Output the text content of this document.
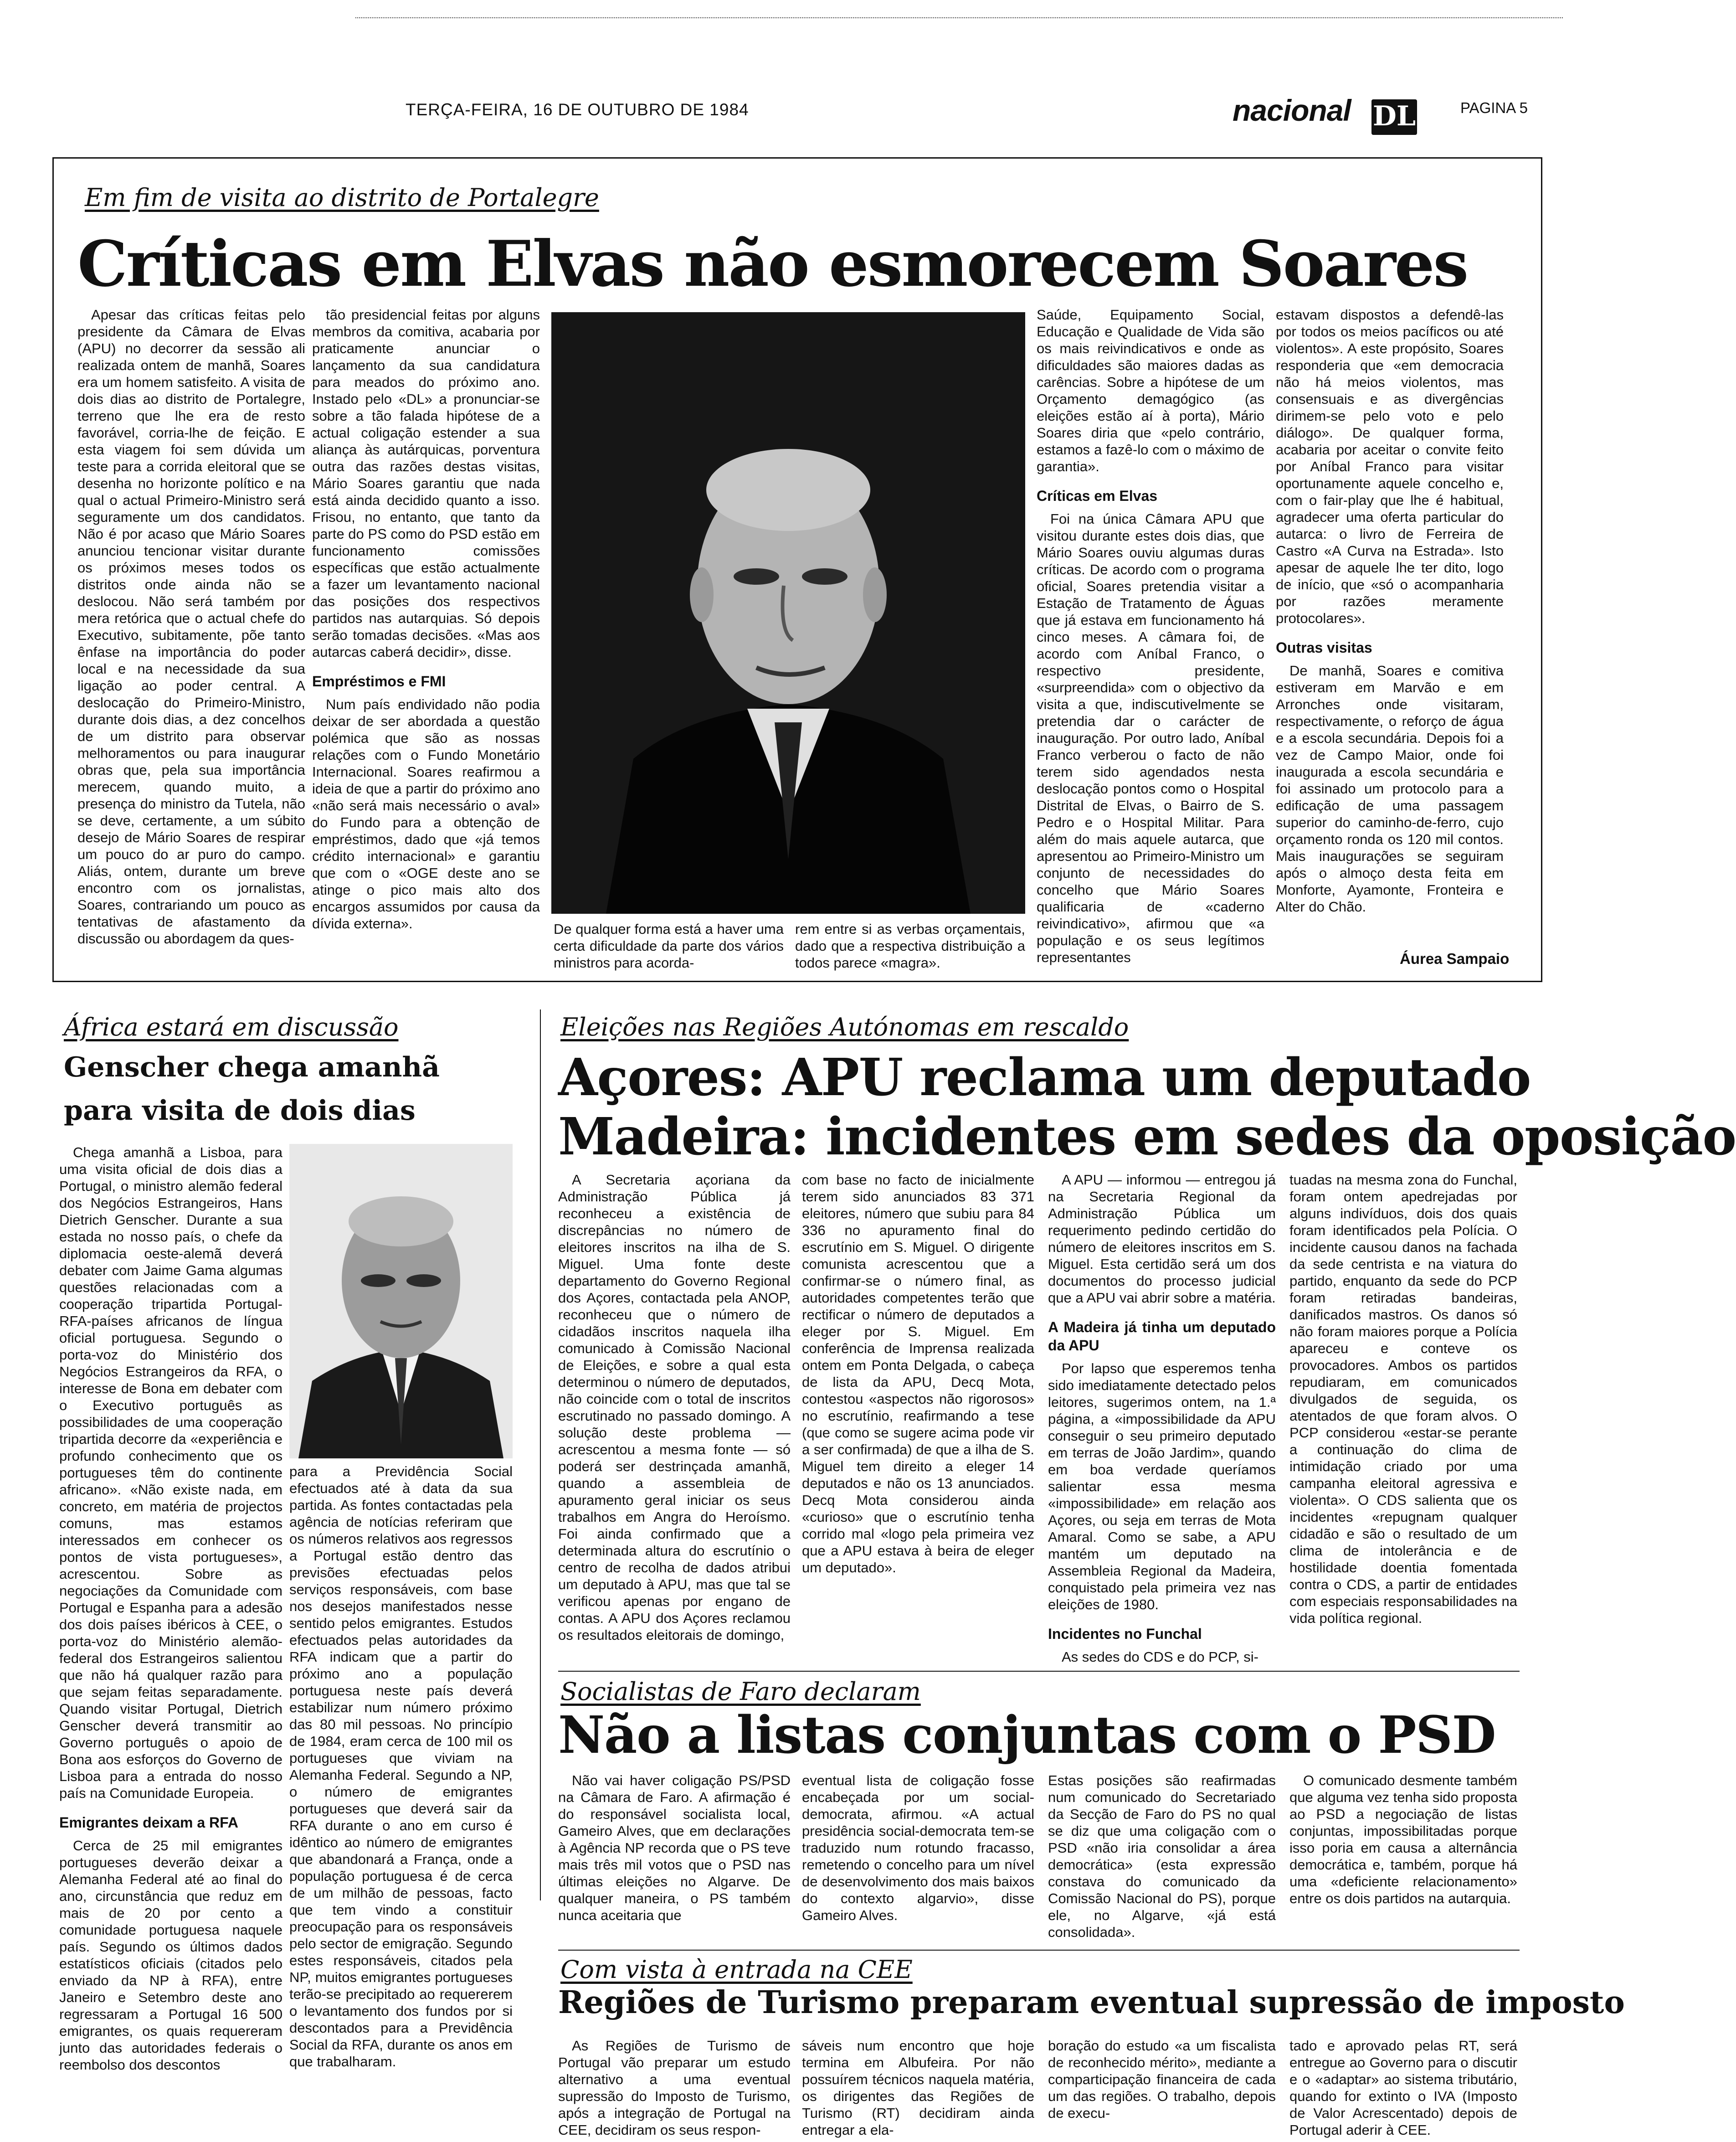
TERÇA-FEIRA, 16 DE OUTUBRO DE 1984	nacional DL	PAGINA 5
Em fim de visita ao distrito de Portalegre
Críticas em Elvas não esmorecem Soares
Apesar das críticas feitas pelo presidente da Câmara de Elvas (APU) no decorrer da sessão ali realizada ontem de manhã, Soares era um homem satisfeito. A visita de dois dias ao distrito de Portalegre, terreno que lhe era de resto favorável, corria-lhe de feição. E esta viagem foi sem dúvida um teste para a corrida eleitoral que se desenha no horizonte político e na qual o actual Primeiro-Ministro será seguramente um dos candidatos. Não é por acaso que Mário Soares anunciou tencionar visitar durante os próximos meses todos os distritos onde ainda não se deslocou. Não será também por mera retórica que o actual chefe do Executivo, subitamente, põe tanto ênfase na importância do poder local e na necessidade da sua ligação ao poder central. A deslocação do Primeiro-Ministro, durante dois dias, a dez concelhos de um distrito para observar melhoramentos ou para inaugurar obras que, pela sua importância merecem, quando muito, a presença do ministro da Tutela, não se deve, certamente, a um súbito desejo de Mário Soares de respirar um pouco do ar puro do campo. Aliás, ontem, durante um breve encontro com os jornalistas, Soares, contrariando um pouco as tentativas de afastamento da discussão ou abordagem da ques-
tão presidencial feitas por alguns membros da comitiva, acabaria por praticamente anunciar o lançamento da sua candidatura para meados do próximo ano. Instado pelo «DL» a pronunciar-se sobre a tão falada hipótese de a actual coligação estender a sua aliança às autárquicas, porventura outra das razões destas visitas, Mário Soares garantiu que nada está ainda decidido quanto a isso. Frisou, no entanto, que tanto da parte do PS como do PSD estão em funcionamento comissões específicas que estão actualmente a fazer um levantamento nacional das posições dos respectivos partidos nas autarquias. Só depois serão tomadas decisões. «Mas aos autarcas caberá decidir», disse.
Empréstimos e FMI
Num país endividado não podia deixar de ser abordada a questão polémica que são as nossas relações com o Fundo Monetário Internacional. Soares reafirmou a ideia de que a partir do próximo ano «não será mais necessário o aval» do Fundo para a obtenção de empréstimos, dado que «já temos crédito internacional» e garantiu que com o «OGE deste ano se atinge o pico mais alto dos encargos assumidos por causa da dívida externa».	De qualquer forma está a haver uma certa dificuldade da parte dos vários ministros para acorda-
rem entre si as verbas orçamentais, dado que a respectiva distribuição a todos parece «magra».
Saúde, Equipamento Social, Educação e Qualidade de Vida são os mais reivindicativos e onde as dificuldades são maiores dadas as carências. Sobre a hipótese de um Orçamento demagógico (as eleições estão aí à porta), Mário Soares diria que «pelo contrário, estamos a fazê-lo com o máximo de garantia».
Críticas em Elvas
Foi na única Câmara APU que visitou durante estes dois dias, que Mário Soares ouviu algumas duras críticas. De acordo com o programa oficial, Soares pretendia visitar a Estação de Tratamento de Águas que já estava em funcionamento há cinco meses. A câmara foi, de acordo com Aníbal Franco, o respectivo presidente, «surpreendida» com o objectivo da visita a que, indiscutivelmente se pretendia dar o carácter de inauguração. Por outro lado, Aníbal Franco verberou o facto de não terem sido agendados nesta deslocação pontos como o Hospital Distrital de Elvas, o Bairro de S. Pedro e o Hospital Militar. Para além do mais aquele autarca, que apresentou ao Primeiro-Ministro um conjunto de necessidades do concelho que Mário Soares qualificaria de «caderno reivindicativo», afirmou que «a população e os seus legítimos representantes
estavam dispostos a defendê-las por todos os meios pacíficos ou até violentos». A este propósito, Soares responderia que «em democracia não há meios violentos, mas consensuais e as divergências dirimem-se pelo voto e pelo diálogo». De qualquer forma, acabaria por aceitar o convite feito por Aníbal Franco para visitar oportunamente aquele concelho e, com o fair-play que lhe é habitual, agradecer uma oferta particular do autarca: o livro de Ferreira de Castro «A Curva na Estrada». Isto apesar de aquele lhe ter dito, logo de início, que «só o acompanharia por razões meramente protocolares».
Outras visitas
De manhã, Soares e comitiva estiveram em Marvão e em Arronches onde visitaram, respectivamente, o reforço de água e a escola secundária. Depois foi a vez de Campo Maior, onde foi inaugurada a escola secundária e foi assinado um protocolo para a edificação de uma passagem superior do caminho-de-ferro, cujo orçamento ronda os 120 mil contos. Mais inaugurações se seguiram após o almoço desta feita em Monforte, Ayamonte, Fronteira e Alter do Chão.
Áurea Sampaio
África estará em discussão
Genscher chega amanhã
para visita de dois dias
Chega amanhã a Lisboa, para uma visita oficial de dois dias a Portugal, o ministro alemão federal dos Negócios Estrangeiros, Hans Dietrich Genscher. Durante a sua estada no nosso país, o chefe da diplomacia oeste-alemã deverá debater com Jaime Gama algumas questões relacionadas com a cooperação tripartida Portugal-RFA-países africanos de língua oficial portuguesa. Segundo o porta-voz do Ministério dos Negócios Estrangeiros da RFA, o interesse de Bona em debater com o Executivo português as possibilidades de uma cooperação tripartida decorre da «experiência e profundo conhecimento que os portugueses têm do continente africano». «Não existe nada, em concreto, em matéria de projectos comuns, mas estamos interessados em conhecer os pontos de vista portugueses», acrescentou. Sobre as negociações da Comunidade com Portugal e Espanha para a adesão dos dois países ibéricos à CEE, o porta-voz do Ministério alemão-federal dos Estrangeiros salientou que não há qualquer razão para que sejam feitas separadamente. Quando visitar Portugal, Dietrich Genscher deverá transmitir ao Governo português o apoio de Bona aos esforços do Governo de Lisboa para a entrada do nosso país na Comunidade Europeia.
Emigrantes deixam a RFA
Cerca de 25 mil emigrantes portugueses deverão deixar a Alemanha Federal até ao final do ano, circunstância que reduz em mais de 20 por cento a comunidade portuguesa naquele país. Segundo os últimos dados estatísticos oficiais (citados pelo enviado da NP à RFA), entre Janeiro e Setembro deste ano regressaram a Portugal 16 500 emigrantes, os quais requereram junto das autoridades federais o reembolso dos descontos
para a Previdência Social efectuados até à data da sua partida. As fontes contactadas pela agência de notícias referiram que os números relativos aos regressos a Portugal estão dentro das previsões efectuadas pelos serviços responsáveis, com base nos desejos manifestados nesse sentido pelos emigrantes. Estudos efectuados pelas autoridades da RFA indicam que a partir do próximo ano a população portuguesa neste país deverá estabilizar num número próximo das 80 mil pessoas. No princípio de 1984, eram cerca de 100 mil os portugueses que viviam na Alemanha Federal. Segundo a NP, o número de emigrantes portugueses que deverá sair da RFA durante o ano em curso é idêntico ao número de emigrantes que abandonará a França, onde a população portuguesa é de cerca de um milhão de pessoas, facto que tem vindo a constituir preocupação para os responsáveis pelo sector de emigração. Segundo estes responsáveis, citados pela NP, muitos emigrantes portugueses terão-se precipitado ao requererem o levantamento dos fundos por si descontados para a Previdência Social da RFA, durante os anos em que trabalharam.
Eleições nas Regiões Autónomas em rescaldo
Açores: APU reclama um deputado
Madeira: incidentes em sedes da oposição
A Secretaria açoriana da Administração Pública já reconheceu a existência de discrepâncias no número de eleitores inscritos na ilha de S. Miguel. Uma fonte deste departamento do Governo Regional dos Açores, contactada pela ANOP, reconheceu que o número de cidadãos inscritos naquela ilha comunicado à Comissão Nacional de Eleições, e sobre a qual esta determinou o número de deputados, não coincide com o total de inscritos escrutinado no passado domingo. A solução deste problema — acrescentou a mesma fonte — só poderá ser destrinçada amanhã, quando a assembleia de apuramento geral iniciar os seus trabalhos em Angra do Heroísmo. Foi ainda confirmado que a determinada altura do escrutínio o centro de recolha de dados atribui um deputado à APU, mas que tal se verificou apenas por engano de contas. A APU dos Açores reclamou os resultados eleitorais de domingo,
com base no facto de inicialmente terem sido anunciados 83 371 eleitores, número que subiu para 84 336 no apuramento final do escrutínio em S. Miguel. O dirigente comunista acrescentou que a confirmar-se o número final, as autoridades competentes terão que rectificar o número de deputados a eleger por S. Miguel. Em conferência de Imprensa realizada ontem em Ponta Delgada, o cabeça de lista da APU, Decq Mota, contestou «aspectos não rigorosos» no escrutínio, reafirmando a tese (que como se sugere acima pode vir a ser confirmada) de que a ilha de S. Miguel tem direito a eleger 14 deputados e não os 13 anunciados. Decq Mota considerou ainda «curioso» que o escrutínio tenha corrido mal «logo pela primeira vez que a APU estava à beira de eleger um deputado».
A APU — informou — entregou já na Secretaria Regional da Administração Pública um requerimento pedindo certidão do número de eleitores inscritos em S. Miguel. Esta certidão será um dos documentos do processo judicial que a APU vai abrir sobre a matéria.
A Madeira já tinha um deputado da APU
Por lapso que esperemos tenha sido imediatamente detectado pelos leitores, sugerimos ontem, na 1.ª página, a «impossibilidade da APU conseguir o seu primeiro deputado em terras de João Jardim», quando em boa verdade queríamos salientar essa mesma «impossibilidade» em relação aos Açores, ou seja em terras de Mota Amaral. Como se sabe, a APU mantém um deputado na Assembleia Regional da Madeira, conquistado pela primeira vez nas eleições de 1980.
Incidentes no Funchal
As sedes do CDS e do PCP, si-
tuadas na mesma zona do Funchal, foram ontem apedrejadas por alguns indivíduos, dois dos quais foram identificados pela Polícia. O incidente causou danos na fachada da sede centrista e na viatura do partido, enquanto da sede do PCP foram retiradas bandeiras, danificados mastros. Os danos só não foram maiores porque a Polícia apareceu e conteve os provocadores. Ambos os partidos repudiaram, em comunicados divulgados de seguida, os atentados de que foram alvos. O PCP considerou «estar-se perante a continuação do clima de intimidação criado por uma campanha eleitoral agressiva e violenta». O CDS salienta que os incidentes «repugnam qualquer cidadão e são o resultado de um clima de intolerância e de hostilidade doentia fomentada contra o CDS, a partir de entidades com especiais responsabilidades na vida política regional.
Socialistas de Faro declaram
Não a listas conjuntas com o PSD
Não vai haver coligação PS/PSD na Câmara de Faro. A afirmação é do responsável socialista local, Gameiro Alves, que em declarações à Agência NP recorda que o PS teve mais três mil votos que o PSD nas últimas eleições no Algarve. De qualquer maneira, o PS também nunca aceitaria que
eventual lista de coligação fosse encabeçada por um social-democrata, afirmou. «A actual presidência social-democrata tem-se traduzido num rotundo fracasso, remetendo o concelho para um nível de desenvolvimento dos mais baixos do contexto algarvio», disse Gameiro Alves.
Estas posições são reafirmadas num comunicado do Secretariado da Secção de Faro do PS no qual se diz que uma coligação com o PSD «não iria consolidar a área democrática» (esta expressão constava do comunicado da Comissão Nacional do PS), porque ele, no Algarve, «já está consolidada».
O comunicado desmente também que alguma vez tenha sido proposta ao PSD a negociação de listas conjuntas, impossibilitadas porque isso poria em causa a alternância democrática e, também, porque há uma «deficiente relacionamento» entre os dois partidos na autarquia.
Com vista à entrada na CEE
Regiões de Turismo preparam eventual supressão de imposto
As Regiões de Turismo de Portugal vão preparar um estudo alternativo a uma eventual supressão do Imposto de Turismo, após a integração de Portugal na CEE, decidiram os seus respon-
sáveis num encontro que hoje termina em Albufeira. Por não possuírem técnicos naquela matéria, os dirigentes das Regiões de Turismo (RT) decidiram ainda entregar a ela-
boração do estudo «a um fiscalista de reconhecido mérito», mediante a comparticipação financeira de cada um das regiões. O trabalho, depois de execu-
tado e aprovado pelas RT, será entregue ao Governo para o discutir e o «adaptar» ao sistema tributário, quando for extinto o IVA (Imposto de Valor Acrescentado) depois de Portugal aderir à CEE.
